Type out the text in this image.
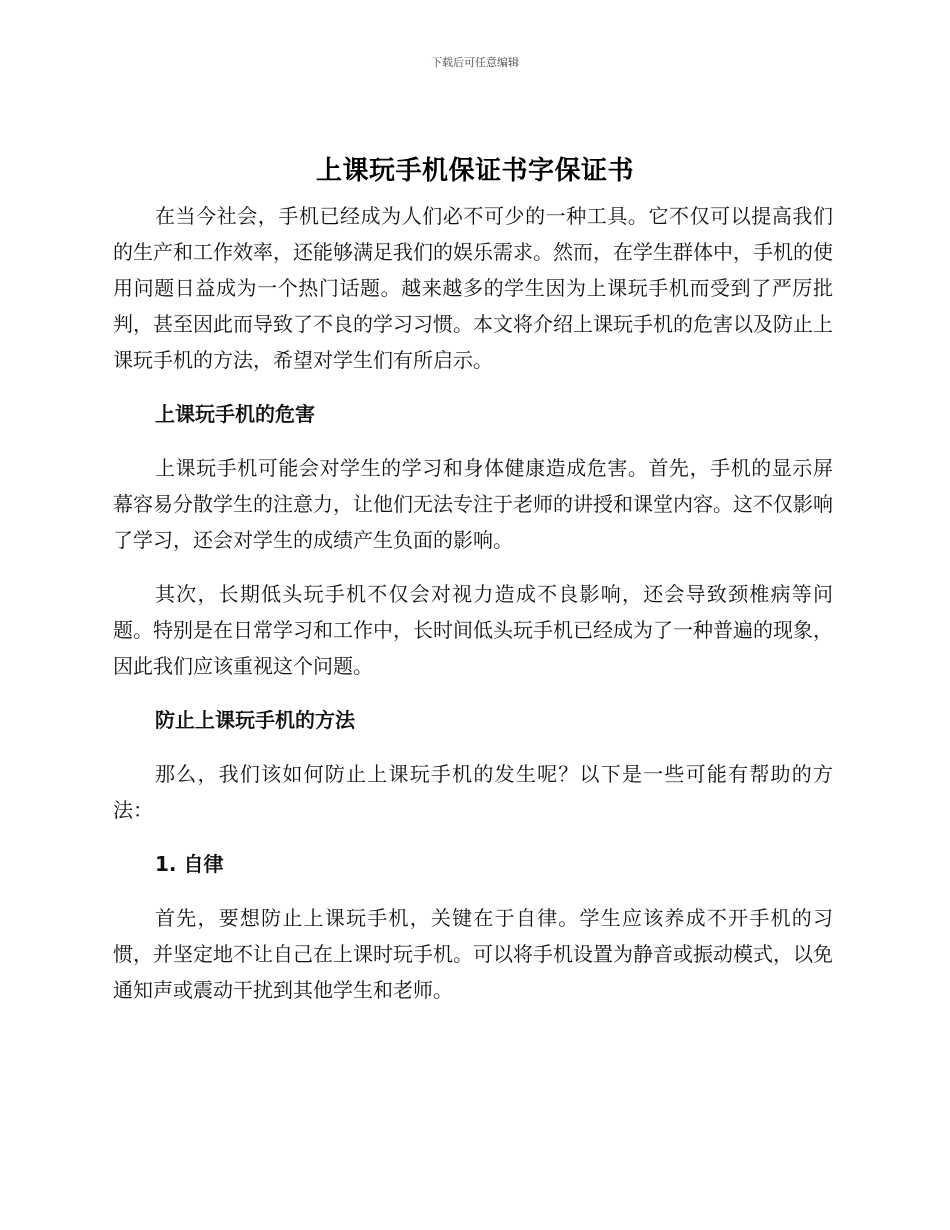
下载后可任意编辑
上课玩手机保证书字保证书

在当今社会，手机已经成为人们必不可少的一种工具。它不仅可以提高我们的生产和工作效率，还能够满足我们的娱乐需求。然而，在学生群体中，手机的使用问题日益成为一个热门话题。越来越多的学生因为上课玩手机而受到了严厉批判，甚至因此而导致了不良的学习习惯。本文将介绍上课玩手机的危害以及防止上课玩手机的方法，希望对学生们有所启示。

上课玩手机的危害

上课玩手机可能会对学生的学习和身体健康造成危害。首先，手机的显示屏幕容易分散学生的注意力，让他们无法专注于老师的讲授和课堂内容。这不仅影响了学习，还会对学生的成绩产生负面的影响。

其次，长期低头玩手机不仅会对视力造成不良影响，还会导致颈椎病等问题。特别是在日常学习和工作中，长时间低头玩手机已经成为了一种普遍的现象，因此我们应该重视这个问题。

防止上课玩手机的方法

那么，我们该如何防止上课玩手机的发生呢？以下是一些可能有帮助的方法：

1. 自律

首先，要想防止上课玩手机，关键在于自律。学生应该养成不开手机的习惯，并坚定地不让自己在上课时玩手机。可以将手机设置为静音或振动模式，以免通知声或震动干扰到其他学生和老师。
